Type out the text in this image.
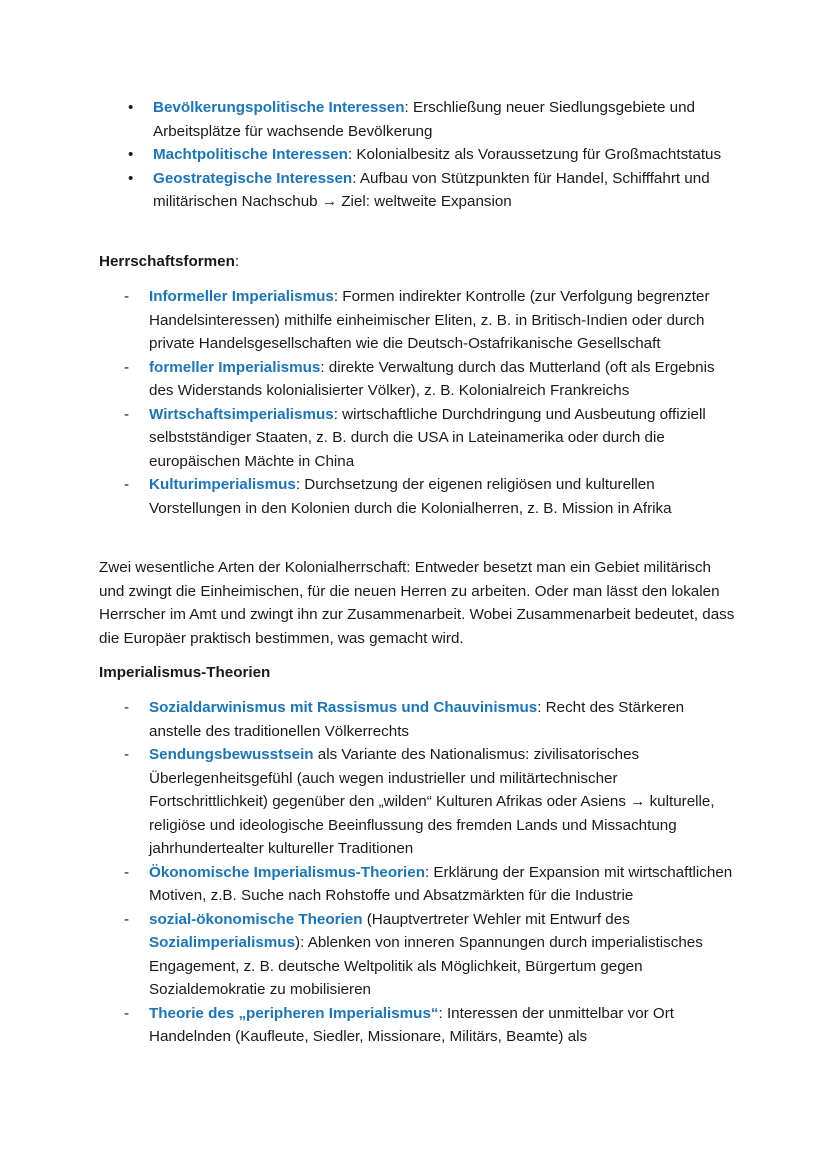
• Bevölkerungspolitische Interessen: Erschließung neuer Siedlungsgebiete und Arbeitsplätze für wachsende Bevölkerung
• Machtpolitische Interessen: Kolonialbesitz als Voraussetzung für Großmachtstatus
• Geostrategische Interessen: Aufbau von Stützpunkten für Handel, Schifffahrt und militärischen Nachschub → Ziel: weltweite Expansion
Herrschaftsformen:
- Informeller Imperialismus: Formen indirekter Kontrolle (zur Verfolgung begrenzter Handelsinteressen) mithilfe einheimischer Eliten, z. B. in Britisch-Indien oder durch private Handelsgesellschaften wie die Deutsch-Ostafrikanische Gesellschaft
- formeller Imperialismus: direkte Verwaltung durch das Mutterland (oft als Ergebnis des Widerstands kolonialisierter Völker), z. B. Kolonialreich Frankreichs
- Wirtschaftsimperialismus: wirtschaftliche Durchdringung und Ausbeutung offiziell selbstständiger Staaten, z. B. durch die USA in Lateinamerika oder durch die europäischen Mächte in China
- Kulturimperialismus: Durchsetzung der eigenen religiösen und kulturellen Vorstellungen in den Kolonien durch die Kolonialherren, z. B. Mission in Afrika

Zwei wesentliche Arten der Kolonialherrschaft: Entweder besetzt man ein Gebiet militärisch und zwingt die Einheimischen, für die neuen Herren zu arbeiten. Oder man lässt den lokalen Herrscher im Amt und zwingt ihn zur Zusammenarbeit. Wobei Zusammenarbeit bedeutet, dass die Europäer praktisch bestimmen, was gemacht wird.

Imperialismus-Theorien
- Sozialdarwinismus mit Rassismus und Chauvinismus: Recht des Stärkeren anstelle des traditionellen Völkerrechts
- Sendungsbewusstsein als Variante des Nationalismus: zivilisatorisches Überlegenheitsgefühl (auch wegen industrieller und militärtechnischer Fortschrittlichkeit) gegenüber den „wilden“ Kulturen Afrikas oder Asiens → kulturelle, religiöse und ideologische Beeinflussung des fremden Lands und Missachtung jahrhundertealter kultureller Traditionen
- Ökonomische Imperialismus-Theorien: Erklärung der Expansion mit wirtschaftlichen Motiven, z.B. Suche nach Rohstoffe und Absatzmärkten für die Industrie
- sozial-ökonomische Theorien (Hauptvertreter Wehler mit Entwurf des Sozialimperialismus): Ablenken von inneren Spannungen durch imperialistisches Engagement, z. B. deutsche Weltpolitik als Möglichkeit, Bürgertum gegen Sozialdemokratie zu mobilisieren
- Theorie des „peripheren Imperialismus“: Interessen der unmittelbar vor Ort Handelnden (Kaufleute, Siedler, Missionare, Militärs, Beamte) als
